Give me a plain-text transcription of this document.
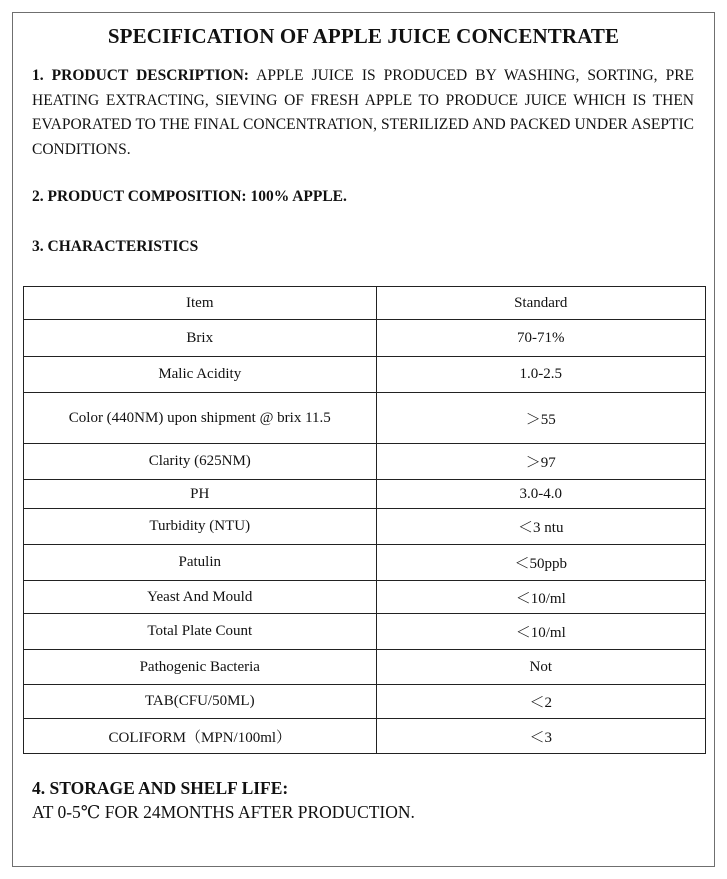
SPECIFICATION OF APPLE JUICE CONCENTRATE
1. PRODUCT DESCRIPTION: APPLE JUICE IS PRODUCED BY WASHING, SORTING, PRE HEATING EXTRACTING, SIEVING OF FRESH APPLE TO PRODUCE JUICE WHICH IS THEN EVAPORATED TO THE FINAL CONCENTRATION, STERILIZED AND PACKED UNDER ASEPTIC CONDITIONS.
2. PRODUCT COMPOSITION: 100% APPLE.
3. CHARACTERISTICS
Item	Standard
Brix	70-71%
Malic Acidity	1.0-2.5
Color (440NM) upon shipment @ brix 11.5	＞55
Clarity (625NM)	＞97
PH	3.0-4.0
Turbidity (NTU)	＜3 ntu
Patulin	＜50ppb
Yeast And Mould	＜10/ml
Total Plate Count	＜10/ml
Pathogenic Bacteria	Not
TAB(CFU/50ML)	＜2
COLIFORM（MPN/100ml）	＜3
4. STORAGE AND SHELF LIFE:
AT 0-5℃ FOR 24MONTHS AFTER PRODUCTION.
